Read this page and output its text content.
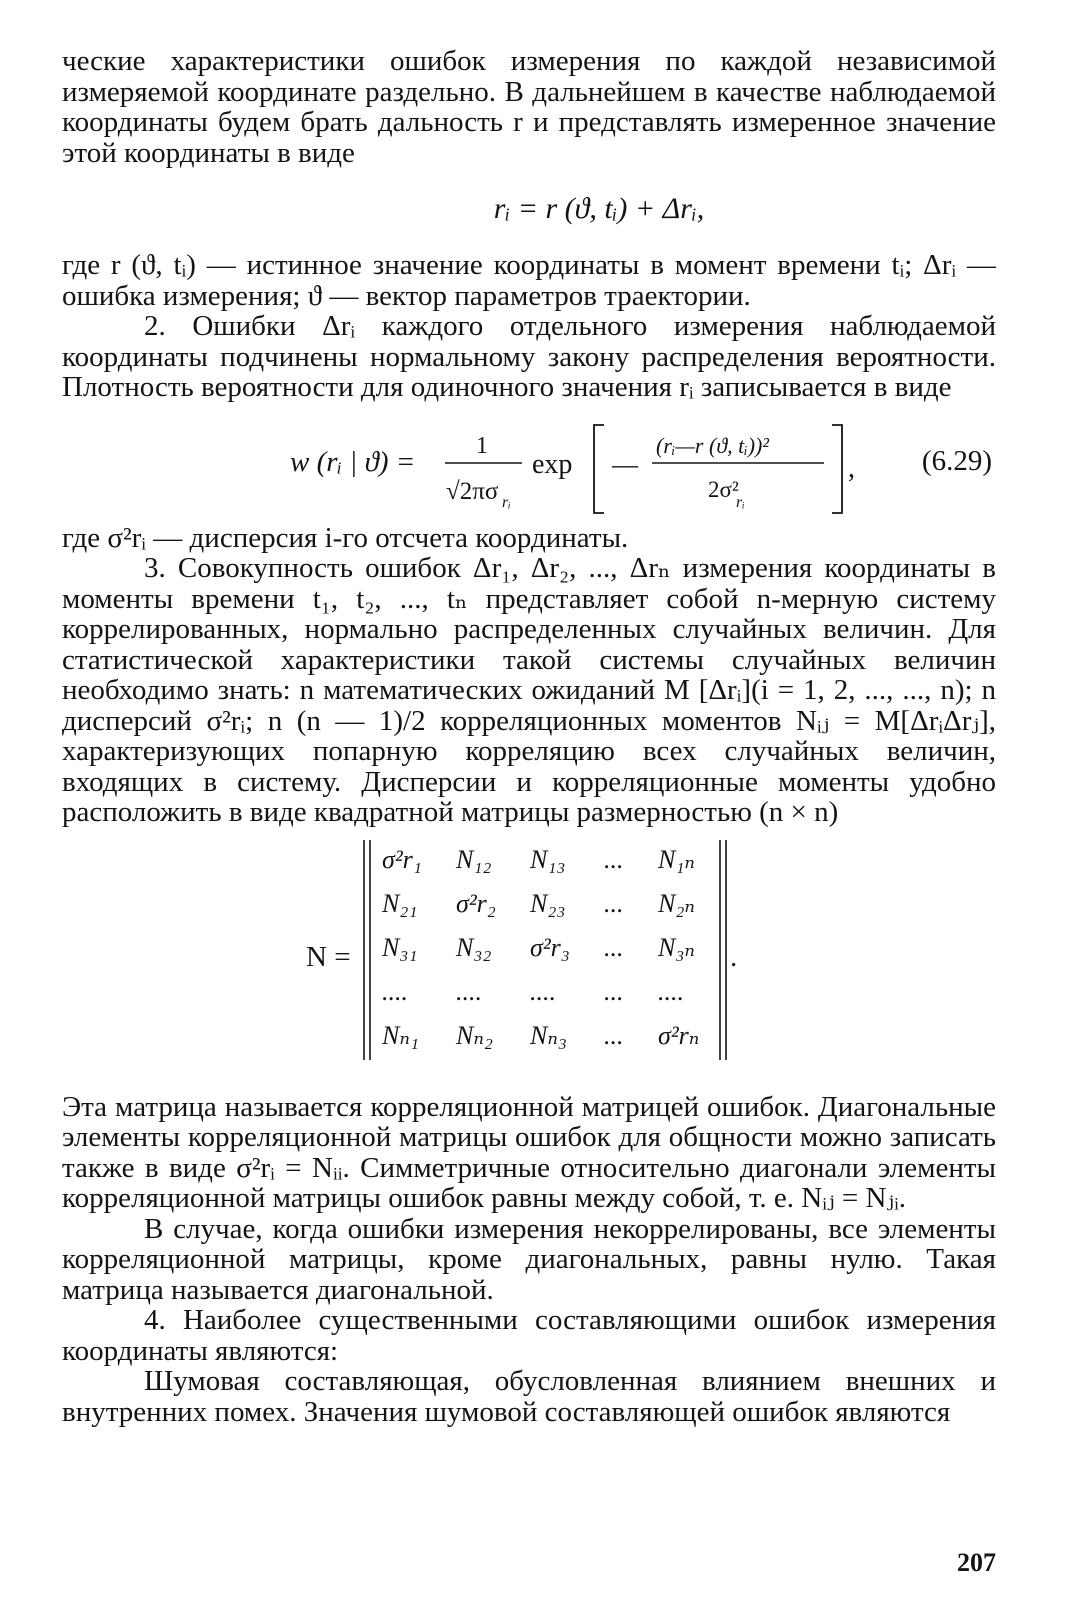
ческие характеристики ошибок измерения по каждой независимой измеряемой координате раздельно. В дальнейшем в качестве наблюдаемой координаты будем брать дальность r и представлять измеренное значение этой координаты в виде

rᵢ = r (ϑ, tᵢ) + Δrᵢ,

где r (ϑ, tᵢ) — истинное значение координаты в момент времени tᵢ; Δrᵢ — ошибка измерения; ϑ — вектор параметров траектории.

2. Ошибки Δrᵢ каждого отдельного измерения наблюдаемой координаты подчинены нормальному закону распределения вероятности. Плотность вероятности для одиночного значения rᵢ записывается в виде

w (rᵢ | ϑ) =	1
√2πσ rᵢ
exp —
(rᵢ—r (ϑ, tᵢ))²
2σ²
rᵢ
, (6.29)

где σ²rᵢ — дисперсия i-го отсчета координаты.

3. Совокупность ошибок Δr₁, Δr₂, ..., Δrₙ измерения координаты в моменты времени t₁, t₂, ..., tₙ представляет собой n-мерную систему коррелированных, нормально распределенных случайных величин. Для статистической характеристики такой системы случайных величин необходимо знать: n математических ожиданий M [Δrᵢ](i = 1, 2, ..., ..., n); n дисперсий σ²rᵢ; n (n — 1)/2 корреляционных моментов Nᵢⱼ = M[ΔrᵢΔrⱼ], характеризующих попарную корреляцию всех случайных величин, входящих в систему. Дисперсии и корреляционные моменты удобно расположить в виде квадратной матрицы размерностью (n × n)

N =	.
σ²r₁ N₁₂ N₁₃ ... N₁ₙ
N₂₁ σ²r₂ N₂₃ ... N₂ₙ
N₃₁ N₃₂ σ²r₃ ... N₃ₙ
.... .... .... ... ....
Nₙ₁ Nₙ₂ Nₙ₃ ... σ²rₙ

Эта матрица называется корреляционной матрицей ошибок. Диагональные элементы корреляционной матрицы ошибок для общности можно записать также в виде σ²rᵢ = Nᵢᵢ. Симметричные относительно диагонали элементы корреляционной матрицы ошибок равны между собой, т. е. Nᵢⱼ = Nⱼᵢ.

В случае, когда ошибки измерения некоррелированы, все элементы корреляционной матрицы, кроме диагональных, равны нулю. Такая матрица называется диагональной.

4. Наиболее существенными составляющими ошибок измерения координаты являются:

Шумовая составляющая, обусловленная влиянием внешних и внутренних помех. Значения шумовой составляющей ошибок являются

207
